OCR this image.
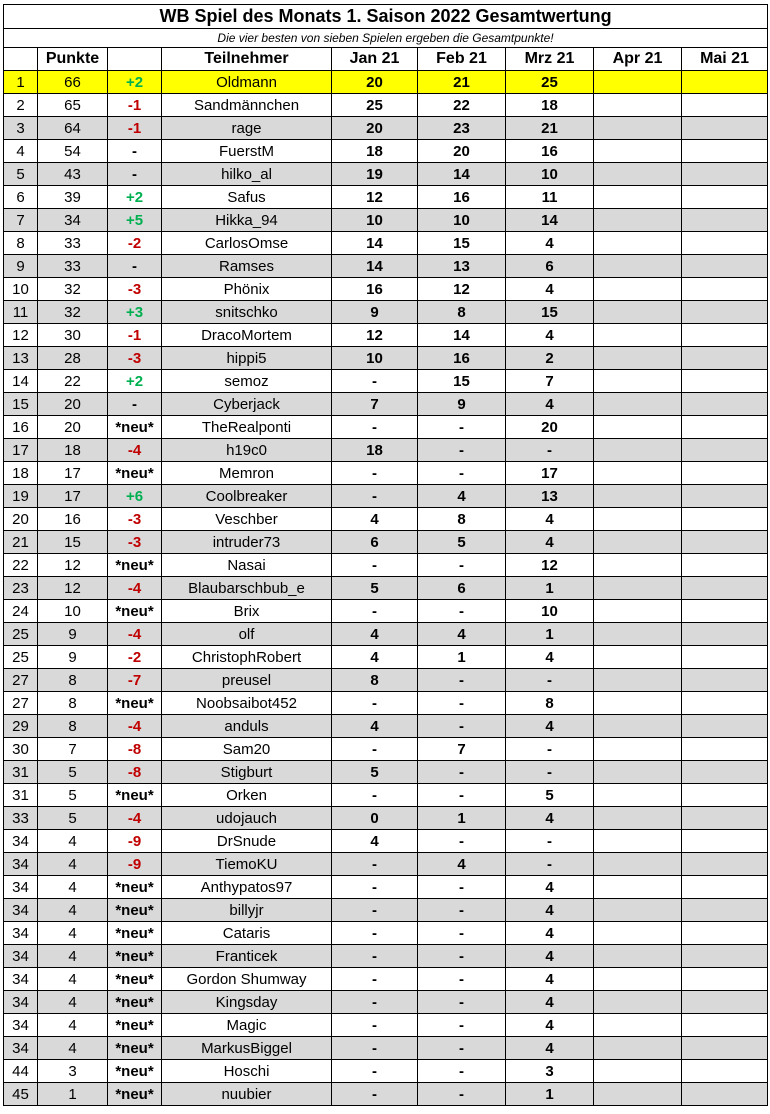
WB Spiel des Monats 1. Saison 2022 Gesamtwertung								
Die vier besten von sieben Spielen ergeben die Gesamtpunkte!								
	Punkte		Teilnehmer	Jan 21	Feb 21	Mrz 21	Apr 21	Mai 21
1	66	+2	Oldmann	20	21	25		
2	65	-1	Sandmännchen	25	22	18		
3	64	-1	rage	20	23	21		
4	54	-	FuerstM	18	20	16		
5	43	-	hilko_al	19	14	10		
6	39	+2	Safus	12	16	11		
7	34	+5	Hikka_94	10	10	14		
8	33	-2	CarlosOmse	14	15	4		
9	33	-	Ramses	14	13	6		
10	32	-3	Phönix	16	12	4		
11	32	+3	snitschko	9	8	15		
12	30	-1	DracoMortem	12	14	4		
13	28	-3	hippi5	10	16	2		
14	22	+2	semoz	-	15	7		
15	20	-	Cyberjack	7	9	4		
16	20	*neu*	TheRealponti	-	-	20		
17	18	-4	h19c0	18	-	-		
18	17	*neu*	Memron	-	-	17		
19	17	+6	Coolbreaker	-	4	13		
20	16	-3	Veschber	4	8	4		
21	15	-3	intruder73	6	5	4		
22	12	*neu*	Nasai	-	-	12		
23	12	-4	Blaubarschbub_e	5	6	1		
24	10	*neu*	Brix	-	-	10		
25	9	-4	olf	4	4	1		
25	9	-2	ChristophRobert	4	1	4		
27	8	-7	preusel	8	-	-		
27	8	*neu*	Noobsaibot452	-	-	8		
29	8	-4	anduls	4	-	4		
30	7	-8	Sam20	-	7	-		
31	5	-8	Stigburt	5	-	-		
31	5	*neu*	Orken	-	-	5		
33	5	-4	udojauch	0	1	4		
34	4	-9	DrSnude	4	-	-		
34	4	-9	TiemoKU	-	4	-		
34	4	*neu*	Anthypatos97	-	-	4		
34	4	*neu*	billyjr	-	-	4		
34	4	*neu*	Cataris	-	-	4		
34	4	*neu*	Franticek	-	-	4		
34	4	*neu*	Gordon Shumway	-	-	4		
34	4	*neu*	Kingsday	-	-	4		
34	4	*neu*	Magic	-	-	4		
34	4	*neu*	MarkusBiggel	-	-	4		
44	3	*neu*	Hoschi	-	-	3		
45	1	*neu*	nuubier	-	-	1		
